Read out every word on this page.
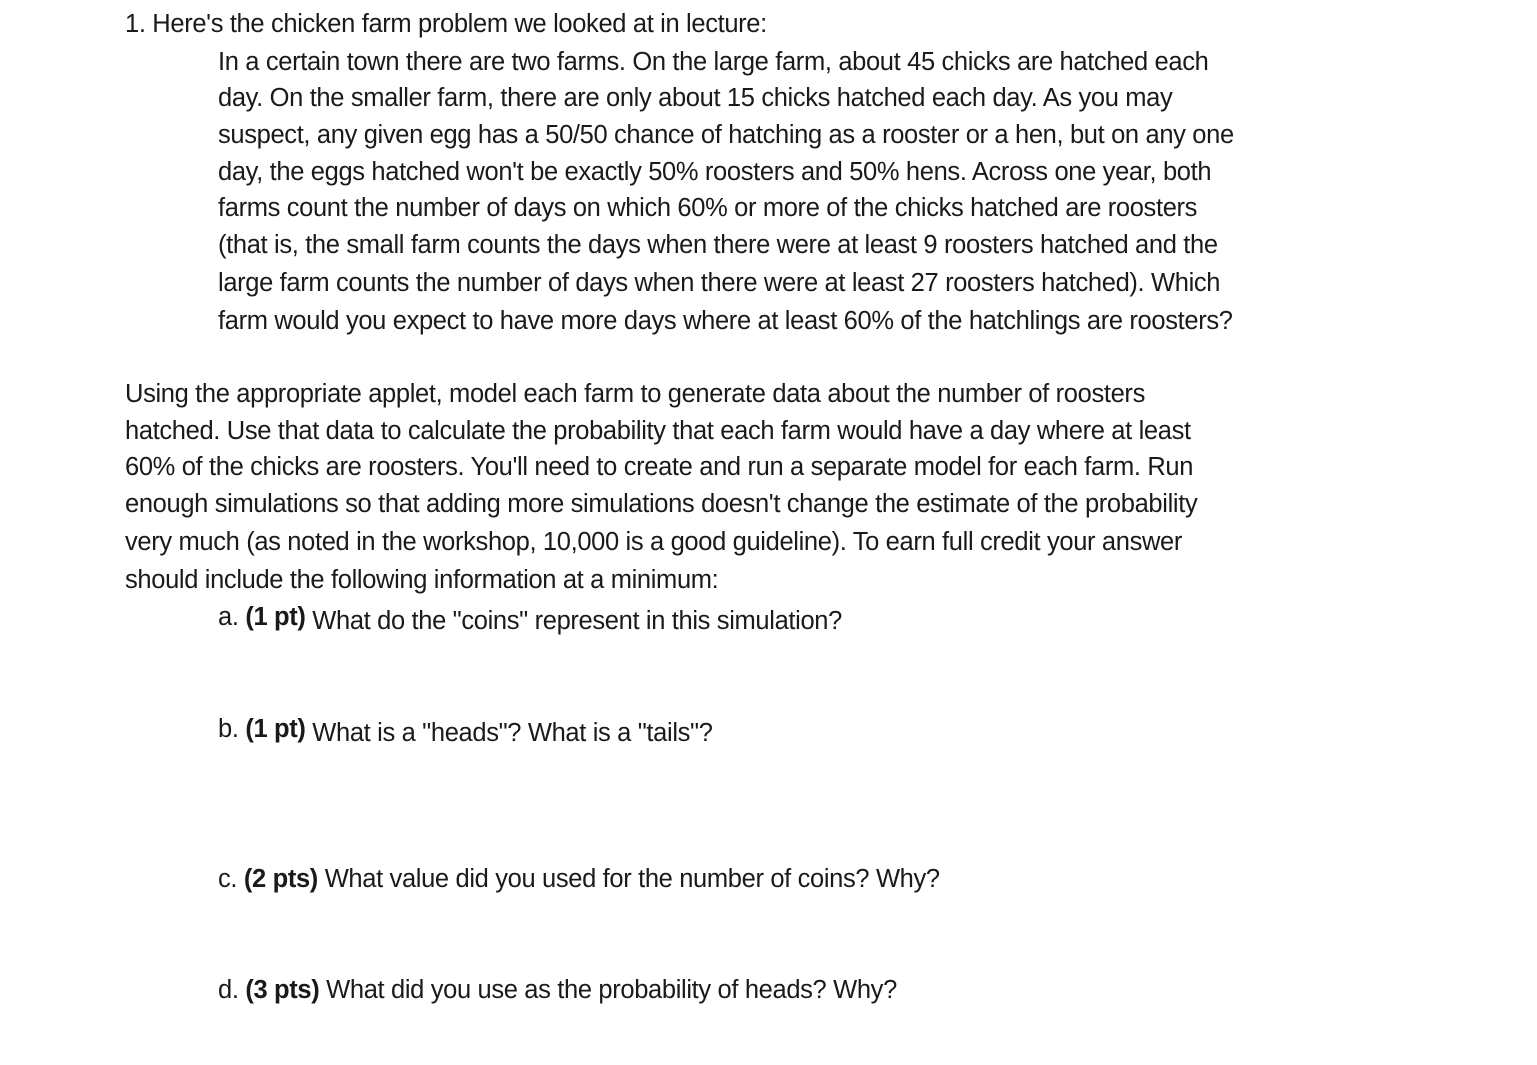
1. Here's the chicken farm problem we looked at in lecture:
In a certain town there are two farms. On the large farm, about 45 chicks are hatched each
day. On the smaller farm, there are only about 15 chicks hatched each day. As you may
suspect, any given egg has a 50/50 chance of hatching as a rooster or a hen, but on any one
day, the eggs hatched won't be exactly 50% roosters and 50% hens. Across one year, both
farms count the number of days on which 60% or more of the chicks hatched are roosters
(that is, the small farm counts the days when there were at least 9 roosters hatched and the
large farm counts the number of days when there were at least 27 roosters hatched). Which
farm would you expect to have more days where at least 60% of the hatchlings are roosters?
Using the appropriate applet, model each farm to generate data about the number of roosters
hatched. Use that data to calculate the probability that each farm would have a day where at least
60% of the chicks are roosters. You'll need to create and run a separate model for each farm. Run
enough simulations so that adding more simulations doesn't change the estimate of the probability
very much (as noted in the workshop, 10,000 is a good guideline). To earn full credit your answer
should include the following information at a minimum:
a. (1 pt) What do the "coins" represent in this simulation?
b. (1 pt) What is a "heads"? What is a "tails"?
c. (2 pts) What value did you used for the number of coins? Why?
d. (3 pts) What did you use as the probability of heads? Why?
